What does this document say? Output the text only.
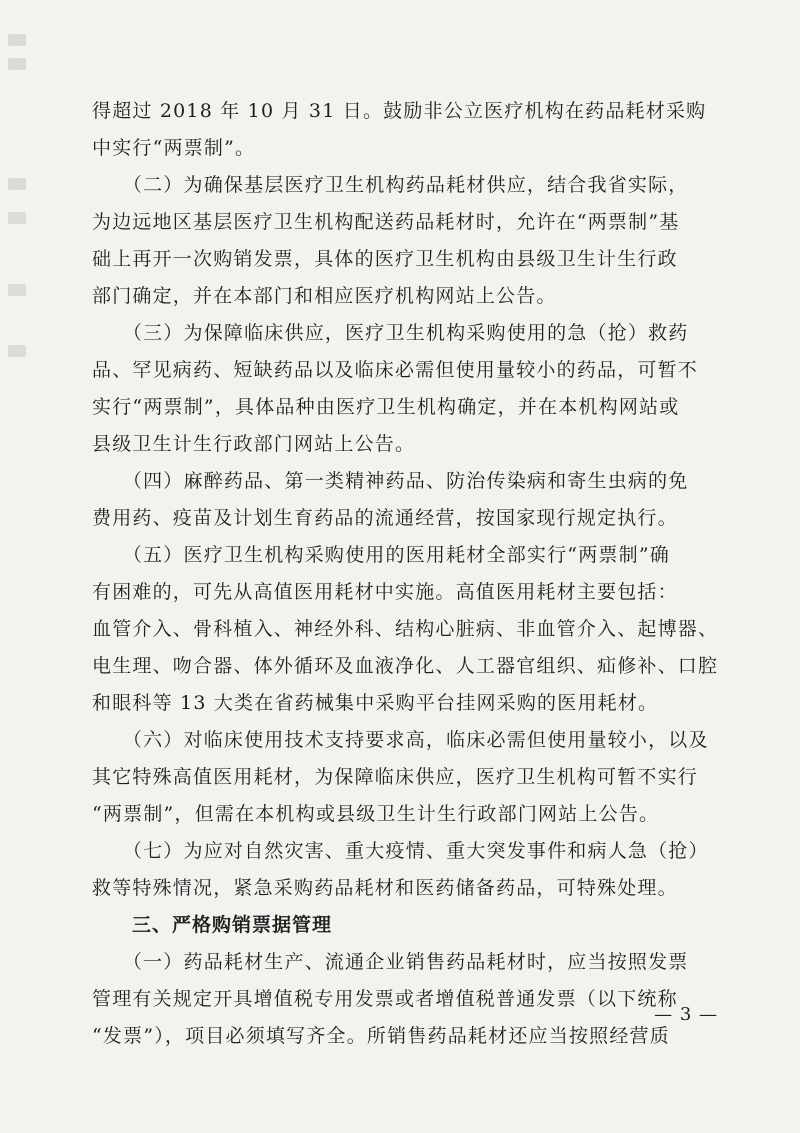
得超过 2018 年 10 月 31 日。鼓励非公立医疗机构在药品耗材采购
中实行“两票制”。
　　（二）为确保基层医疗卫生机构药品耗材供应，结合我省实际，
为边远地区基层医疗卫生机构配送药品耗材时，允许在“两票制”基
础上再开一次购销发票，具体的医疗卫生机构由县级卫生计生行政
部门确定，并在本部门和相应医疗机构网站上公告。
　　（三）为保障临床供应，医疗卫生机构采购使用的急（抢）救药
品、罕见病药、短缺药品以及临床必需但使用量较小的药品，可暂不
实行“两票制”，具体品种由医疗卫生机构确定，并在本机构网站或
县级卫生计生行政部门网站上公告。
　　（四）麻醉药品、第一类精神药品、防治传染病和寄生虫病的免
费用药、疫苗及计划生育药品的流通经营，按国家现行规定执行。
　　（五）医疗卫生机构采购使用的医用耗材全部实行“两票制”确
有困难的，可先从高值医用耗材中实施。高值医用耗材主要包括：
血管介入、骨科植入、神经外科、结构心脏病、非血管介入、起博器、
电生理、吻合器、体外循环及血液净化、人工器官组织、疝修补、口腔
和眼科等 13 大类在省药械集中采购平台挂网采购的医用耗材。
　　（六）对临床使用技术支持要求高，临床必需但使用量较小，以及
其它特殊高值医用耗材，为保障临床供应，医疗卫生机构可暂不实行
“两票制”，但需在本机构或县级卫生计生行政部门网站上公告。
　　（七）为应对自然灾害、重大疫情、重大突发事件和病人急（抢）
救等特殊情况，紧急采购药品耗材和医药储备药品，可特殊处理。
　　三、严格购销票据管理
　　（一）药品耗材生产、流通企业销售药品耗材时，应当按照发票
管理有关规定开具增值税专用发票或者增值税普通发票（以下统称
“发票”），项目必须填写齐全。所销售药品耗材还应当按照经营质
— 3 —
